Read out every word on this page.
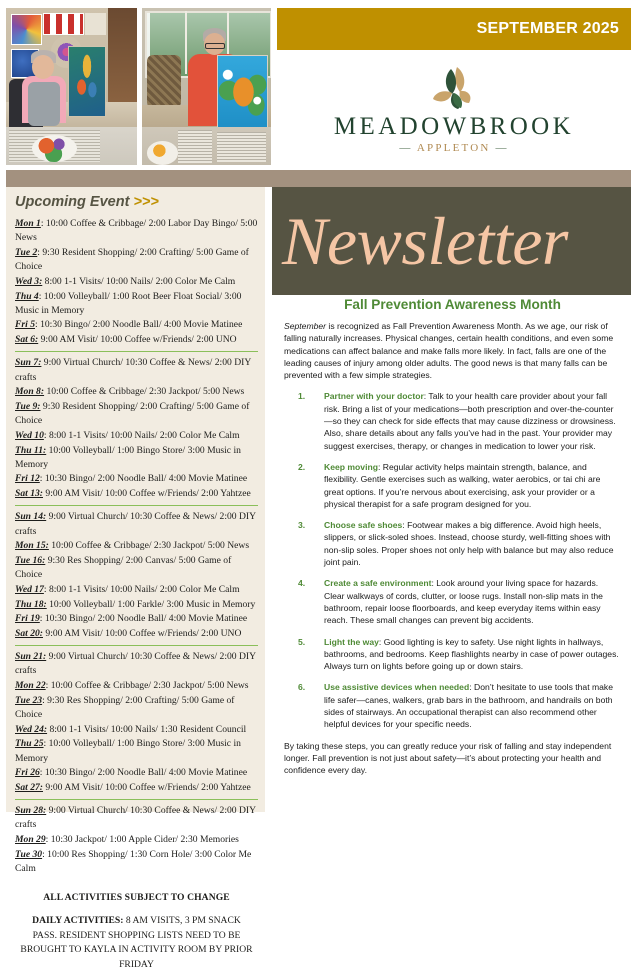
SEPTEMBER 2025
MEADOWBROOK
— APPLETON —
Upcoming Event >>>
Mon 1: 10:00 Coffee & Cribbage/ 2:00 Labor Day Bingo/ 5:00 News
Tue 2: 9:30 Resident Shopping/ 2:00 Crafting/ 5:00 Game of Choice
Wed 3: 8:00 1-1 Visits/ 10:00 Nails/ 2:00 Color Me Calm
Thu 4: 10:00 Volleyball/ 1:00 Root Beer Float Social/ 3:00 Music in Memory
Fri 5: 10:30 Bingo/ 2:00 Noodle Ball/ 4:00 Movie Matinee
Sat 6: 9:00 AM Visit/ 10:00 Coffee w/Friends/ 2:00 UNO
Sun 7: 9:00 Virtual Church/ 10:30 Coffee & News/ 2:00 DIY crafts
Mon 8: 10:00 Coffee & Cribbage/ 2:30 Jackpot/ 5:00 News
Tue 9: 9:30 Resident Shopping/ 2:00 Crafting/ 5:00 Game of Choice
Wed 10: 8:00 1-1 Visits/ 10:00 Nails/ 2:00 Color Me Calm
Thu 11: 10:00 Volleyball/ 1:00 Bingo Store/ 3:00 Music in Memory
Fri 12: 10:30 Bingo/ 2:00 Noodle Ball/ 4:00 Movie Matinee
Sat 13: 9:00 AM Visit/ 10:00 Coffee w/Friends/ 2:00 Yahtzee
Sun 14: 9:00 Virtual Church/ 10:30 Coffee & News/ 2:00 DIY crafts
Mon 15: 10:00 Coffee & Cribbage/ 2:30 Jackpot/ 5:00 News
Tue 16: 9:30 Res Shopping/ 2:00 Canvas/ 5:00 Game of Choice
Wed 17: 8:00 1-1 Visits/ 10:00 Nails/ 2:00 Color Me Calm
Thu 18: 10:00 Volleyball/ 1:00 Farkle/ 3:00 Music in Memory
Fri 19: 10:30 Bingo/ 2:00 Noodle Ball/ 4:00 Movie Matinee
Sat 20: 9:00 AM Visit/ 10:00 Coffee w/Friends/ 2:00 UNO
Sun 21: 9:00 Virtual Church/ 10:30 Coffee & News/ 2:00 DIY crafts
Mon 22: 10:00 Coffee & Cribbage/ 2:30 Jackpot/ 5:00 News
Tue 23: 9:30 Res Shopping/ 2:00 Crafting/ 5:00 Game of Choice
Wed 24: 8:00 1-1 Visits/ 10:00 Nails/ 1:30 Resident Council
Thu 25: 10:00 Volleyball/ 1:00 Bingo Store/ 3:00 Music in Memory
Fri 26: 10:30 Bingo/ 2:00 Noodle Ball/ 4:00 Movie Matinee
Sat 27: 9:00 AM Visit/ 10:00 Coffee w/Friends/ 2:00 Yahtzee
Sun 28: 9:00 Virtual Church/ 10:30 Coffee & News/ 2:00 DIY crafts
Mon 29: 10:30 Jackpot/ 1:00 Apple Cider/ 2:30 Memories
Tue 30: 10:00 Res Shopping/ 1:30 Corn Hole/ 3:00 Color Me Calm
ALL ACTIVITIES SUBJECT TO CHANGE
DAILY ACTIVITIES: 8 AM VISITS, 3 PM SNACK PASS. RESIDENT SHOPPING LISTS NEED TO BE BROUGHT TO KAYLA IN ACTIVITY ROOM BY PRIOR FRIDAY
Newsletter
Fall Prevention Awareness Month

September is recognized as Fall Prevention Awareness Month. As we age, our risk of falling naturally increases. Physical changes, certain health conditions, and even some medications can affect balance and make falls more likely. In fact, falls are one of the leading causes of injury among older adults. The good news is that many falls can be prevented with a few simple strategies.

Partner with your doctor: Talk to your health care provider about your fall risk. Bring a list of your medications—both prescription and over-the-counter—so they can check for side effects that may cause dizziness or drowsiness. Also, share details about any falls you’ve had in the past. Your provider may suggest exercises, therapy, or changes in medication to lower your risk.
Keep moving: Regular activity helps maintain strength, balance, and flexibility. Gentle exercises such as walking, water aerobics, or tai chi are great options. If you’re nervous about exercising, ask your provider or a physical therapist for a safe program designed for you.
Choose safe shoes: Footwear makes a big difference. Avoid high heels, slippers, or slick-soled shoes. Instead, choose sturdy, well-fitting shoes with non-slip soles. Proper shoes not only help with balance but may also reduce joint pain.
Create a safe environment: Look around your living space for hazards. Clear walkways of cords, clutter, or loose rugs. Install non-slip mats in the bathroom, repair loose floorboards, and keep everyday items within easy reach. These small changes can prevent big accidents.
Light the way: Good lighting is key to safety. Use night lights in hallways, bathrooms, and bedrooms. Keep flashlights nearby in case of power outages. Always turn on lights before going up or down stairs.
Use assistive devices when needed: Don’t hesitate to use tools that make life safer—canes, walkers, grab bars in the bathroom, and handrails on both sides of stairways. An occupational therapist can also recommend other helpful devices for your specific needs.

By taking these steps, you can greatly reduce your risk of falling and stay independent longer. Fall prevention is not just about safety—it’s about protecting your health and confidence every day.
